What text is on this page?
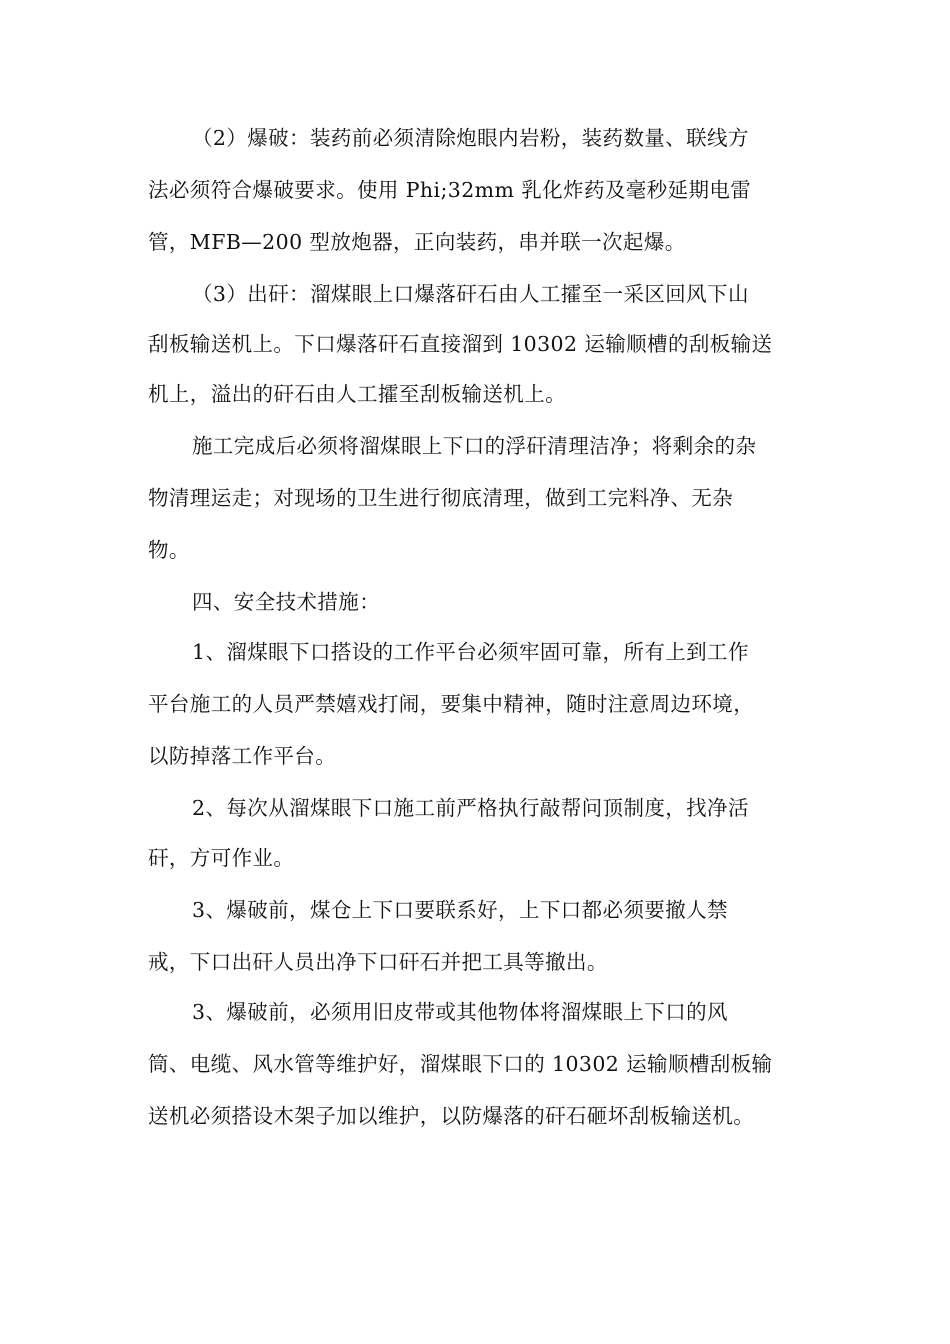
（2）爆破：装药前必须清除炮眼内岩粉，装药数量、联线方
法必须符合爆破要求。使用 Phi;32mm 乳化炸药及毫秒延期电雷
管，MFB—200 型放炮器，正向装药，串并联一次起爆。
（3）出矸：溜煤眼上口爆落矸石由人工攉至一采区回风下山
刮板输送机上。下口爆落矸石直接溜到 10302 运输顺槽的刮板输送
机上，溢出的矸石由人工攉至刮板输送机上。
施工完成后必须将溜煤眼上下口的浮矸清理洁净；将剩余的杂
物清理运走；对现场的卫生进行彻底清理，做到工完料净、无杂
物。
四、安全技术措施：
1、溜煤眼下口搭设的工作平台必须牢固可靠，所有上到工作
平台施工的人员严禁嬉戏打闹，要集中精神，随时注意周边环境，
以防掉落工作平台。
2、每次从溜煤眼下口施工前严格执行敲帮问顶制度，找净活
矸，方可作业。
3、爆破前，煤仓上下口要联系好，上下口都必须要撤人禁
戒，下口出矸人员出净下口矸石并把工具等撤出。
3、爆破前，必须用旧皮带或其他物体将溜煤眼上下口的风
筒、电缆、风水管等维护好，溜煤眼下口的 10302 运输顺槽刮板输
送机必须搭设木架子加以维护，以防爆落的矸石砸坏刮板输送机。
